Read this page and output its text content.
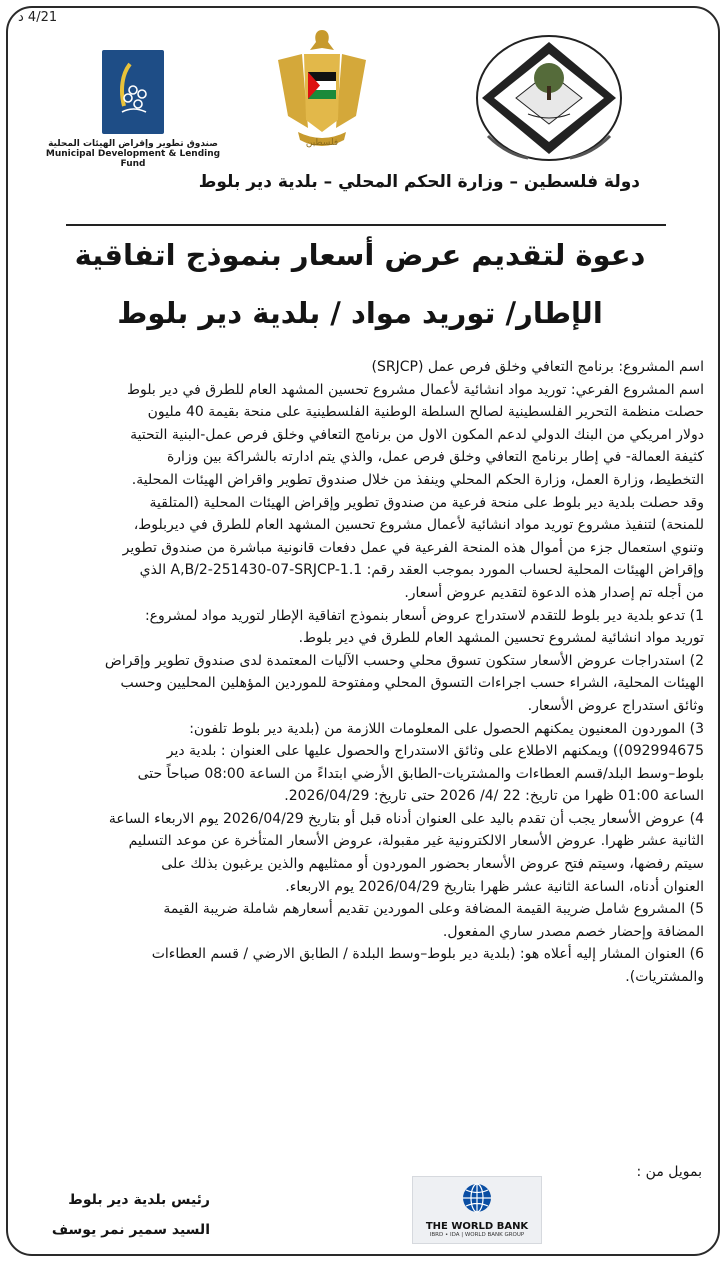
4/21 د
صندوق تطوير وإقراض الهيئات المحلية
Municipal Development & Lending Fund
فلسطين
دولة فلسطين – وزارة الحكم المحلي – بلدية دير بلوط
دعوة لتقديم عرض أسعار بنموذج اتفاقية
الإطار/ توريد مواد / بلدية دير بلوط
اسم المشروع: برنامج التعافي وخلق فرص عمل (SRJCP)
اسم المشروع الفرعي: توريد مواد انشائية لأعمال مشروع تحسين المشهد العام للطرق في دير بلوط
حصلت منظمة التحرير الفلسطينية لصالح السلطة الوطنية الفلسطينية على منحة بقيمة 40 مليون
دولار امريكي من البنك الدولي لدعم المكون الاول من برنامج التعافي وخلق فرص عمل-البنية التحتية
كثيفة العمالة- في إطار برنامج التعافي وخلق فرص عمل، والذي يتم ادارته بالشراكة بين وزارة
التخطيط، وزارة العمل، وزارة الحكم المحلي وينفذ من خلال صندوق تطوير واقراض الهيئات المحلية.
وقد حصلت بلدية دير بلوط على منحة فرعية من صندوق تطوير وإقراض الهيئات المحلية (المتلقية
للمنحة) لتنفيذ مشروع توريد مواد انشائية لأعمال مشروع تحسين المشهد العام للطرق في ديربلوط،
وتنوي استعمال جزء من أموال هذه المنحة الفرعية في عمل دفعات قانونية مباشرة من صندوق تطوير
وإقراض الهيئات المحلية لحساب المورد بموجب العقد رقم: A,B/2-251430-07-SRJCP-1.1 الذي
من أجله تم إصدار هذه الدعوة لتقديم عروض أسعار.
1) تدعو بلدية دير بلوط للتقدم لاستدراج عروض أسعار بنموذج اتفاقية الإطار لتوريد مواد لمشروع:
توريد مواد انشائية لمشروع تحسين المشهد العام للطرق في دير بلوط.
2) استدراجات عروض الأسعار ستكون تسوق محلي وحسب الآليات المعتمدة لدى صندوق تطوير وإقراض
الهيئات المحلية، الشراء حسب اجراءات التسوق المحلي ومفتوحة للموردين المؤهلين المحليين وحسب
وثائق استدراج عروض الأسعار.
3) الموردون المعنيون يمكنهم الحصول على المعلومات اللازمة من (بلدية دير بلوط تلفون:
092994675)) ويمكنهم الاطلاع على وثائق الاستدراج والحصول عليها على العنوان : بلدية دير
بلوط–وسط البلد/قسم العطاءات والمشتريات-الطابق الأرضي ابتداءً من الساعة 08:00 صباحاً حتى
الساعة 01:00 ظهرا من تاريخ: 22 /4/ 2026 حتى تاريخ: 2026/04/29.
4) عروض الأسعار يجب أن تقدم باليد على العنوان أدناه قبل أو بتاريخ 2026/04/29 يوم الاربعاء الساعة
الثانية عشر ظهرا. عروض الأسعار الالكترونية غير مقبولة، عروض الأسعار المتأخرة عن موعد التسليم
سيتم رفضها، وسيتم فتح عروض الأسعار بحضور الموردون أو ممثليهم والذين يرغبون بذلك على
العنوان أدناه، الساعة الثانية عشر ظهرا بتاريخ 2026/04/29 يوم الاربعاء.
5) المشروع شامل ضريبة القيمة المضافة وعلى الموردين تقديم أسعارهم شاملة ضريبة القيمة
المضافة وإحضار خصم مصدر ساري المفعول.
6) العنوان المشار إليه أعلاه هو: (بلدية دير بلوط–وسط البلدة / الطابق الارضي / قسم العطاءات
والمشتريات).
بمويل من :
THE WORLD BANK
IBRD • IDA | WORLD BANK GROUP
رئيس بلدية دير بلوط
السيد سمير نمر يوسف
